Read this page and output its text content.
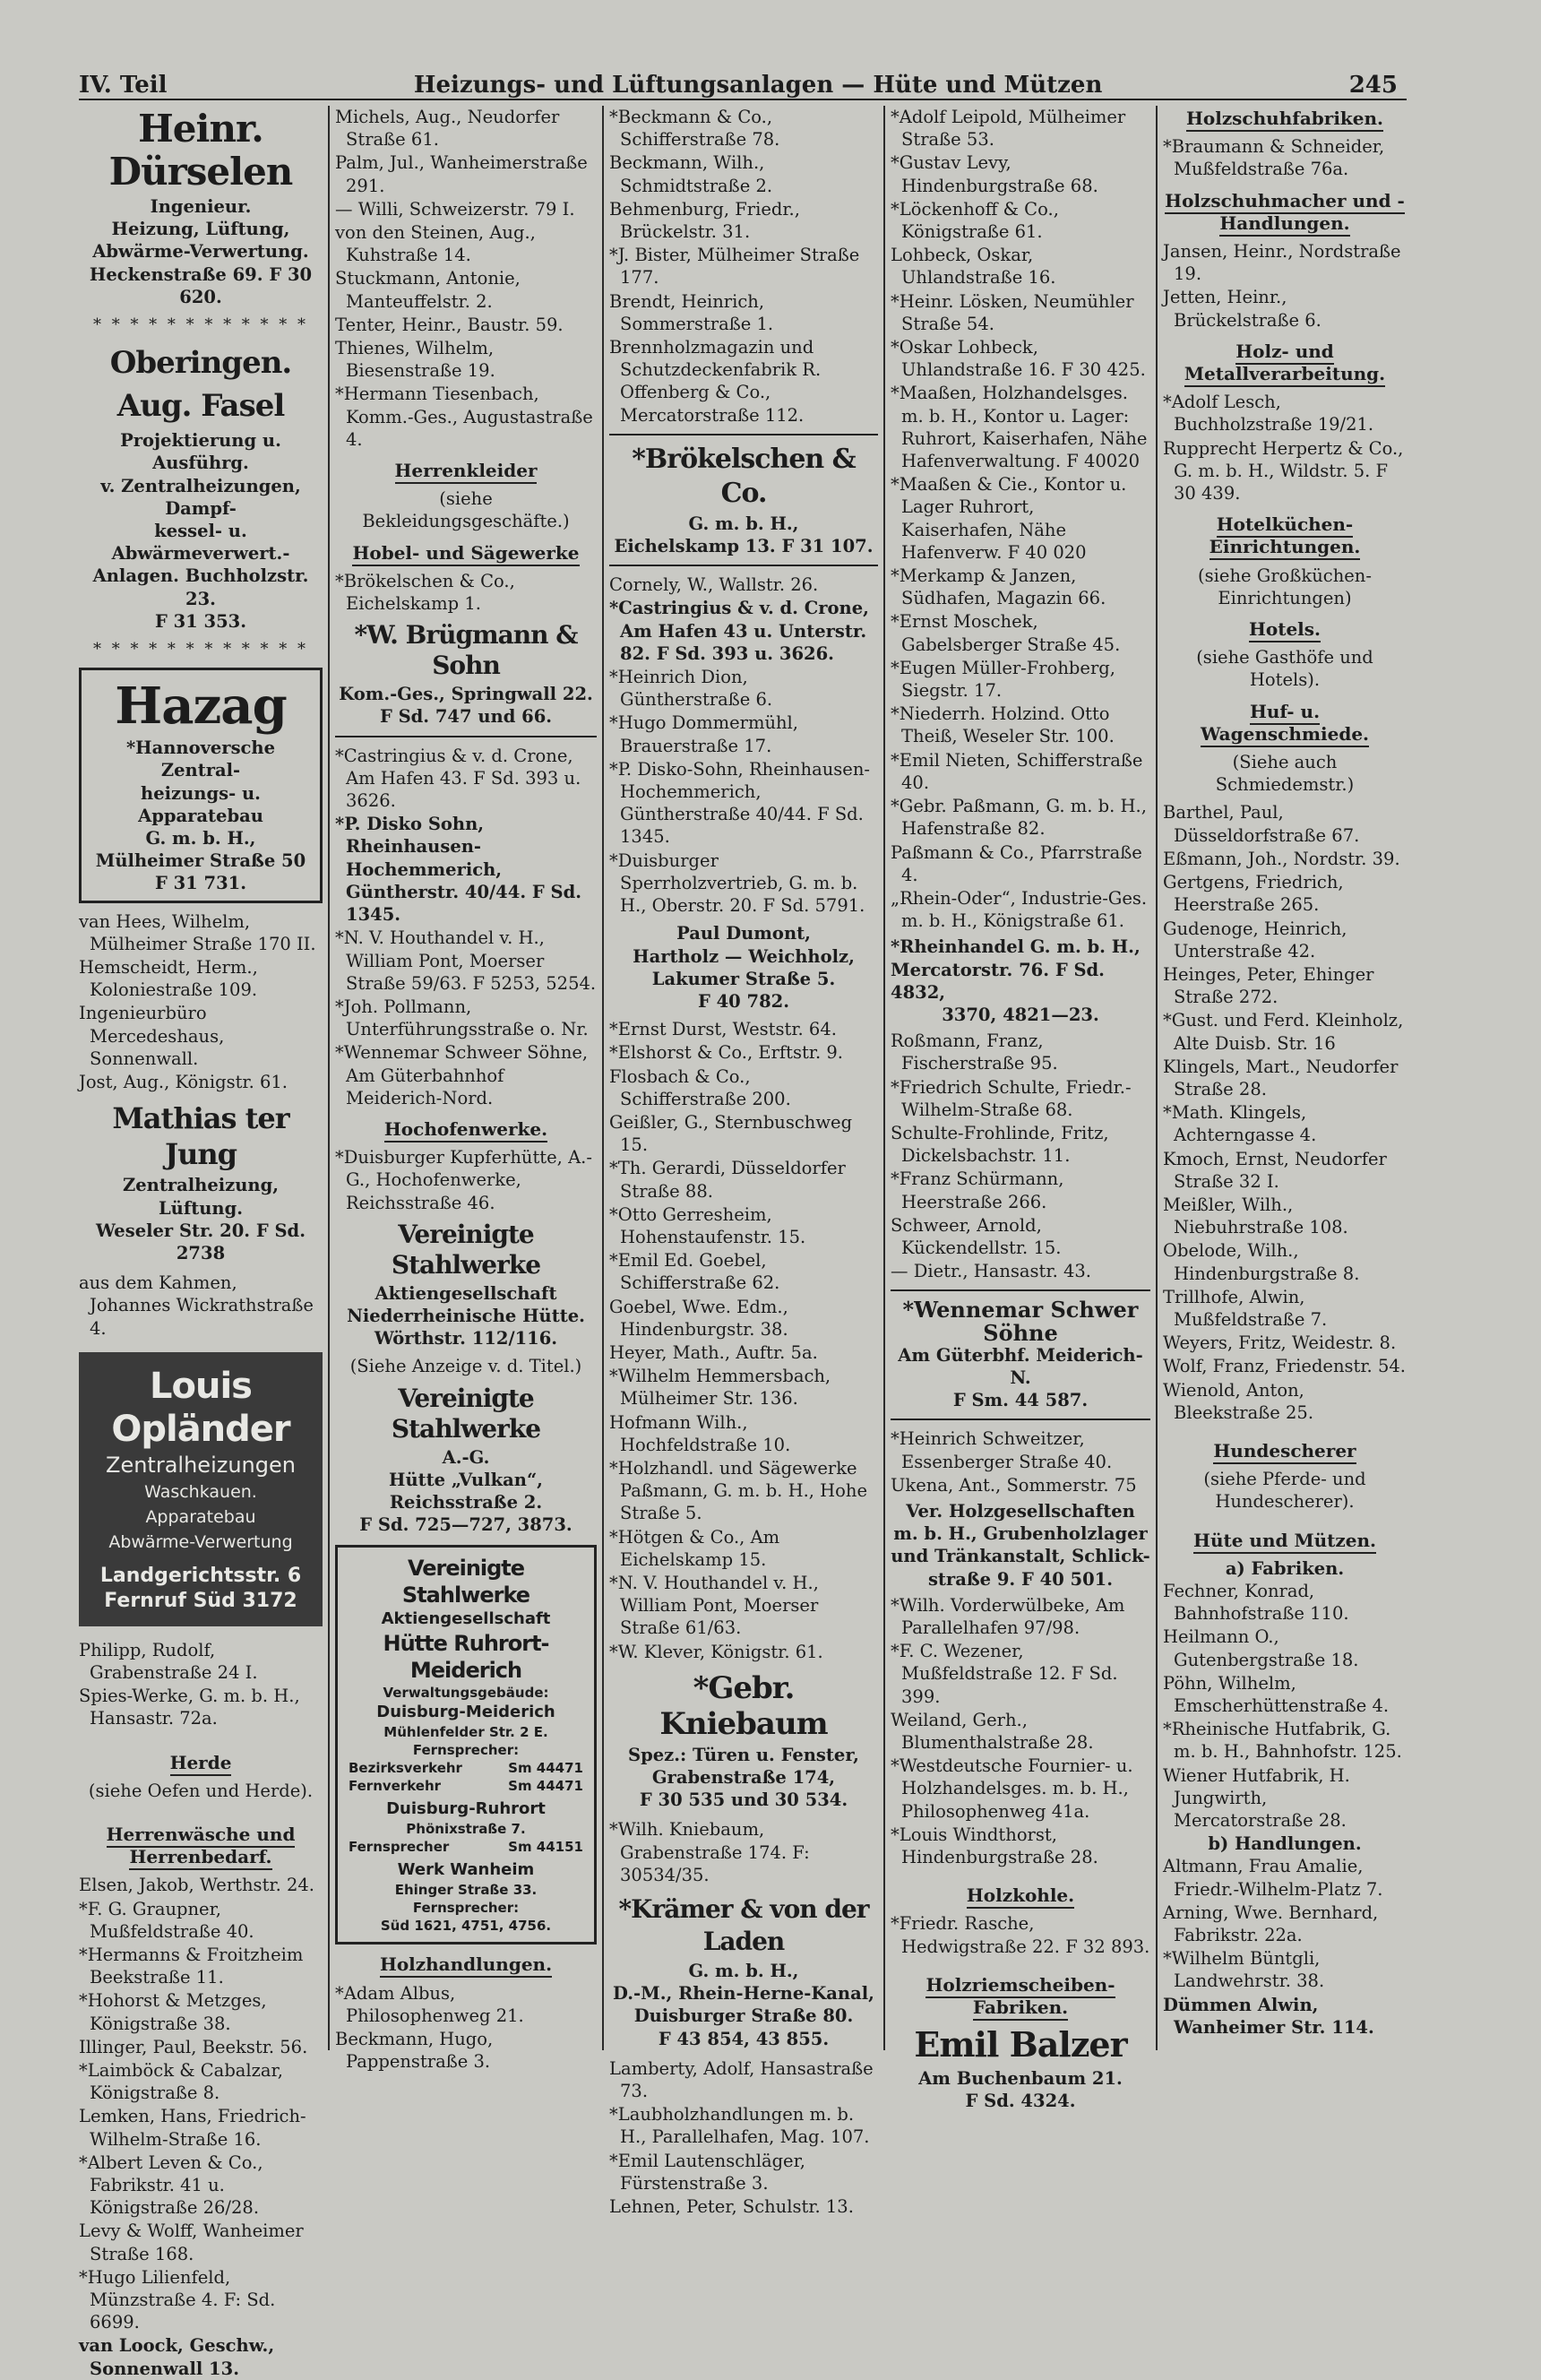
IV. Teil	Heizungs- und Lüftungsanlagen — Hüte und Mützen	245
Heinr. Dürselen
Ingenieur.
Heizung, Lüftung,
Abwärme-Verwertung.
Heckenstraße 69. F 30 620.
* * * * * * * * * * * *
Oberingen. Aug. Fasel
Projektierung u. Ausführg.
v. Zentralheizungen, Dampf-
kessel- u. Abwärmeverwert.-
Anlagen. Buchholzstr. 23.
F 31 353.
* * * * * * * * * * * *
Hazag
*Hannoversche Zentral-
heizungs- u. Apparatebau
G. m. b. H.,
Mülheimer Straße 50
F 31 731.
van Hees, Wilhelm, Mülheimer Straße 170 II.
Hemscheidt, Herm., Koloniestraße 109.
Ingenieurbüro Mercedeshaus, Sonnenwall.
Jost, Aug., Königstr. 61.
Mathias ter Jung
Zentralheizung, Lüftung.
Weseler Str. 20. F Sd. 2738
aus dem Kahmen, Johannes Wickrathstraße 4.
Louis Opländer
Zentralheizungen
Waschkauen. Apparatebau
Abwärme-Verwertung
Landgerichtsstr. 6
Fernruf Süd 3172
Philipp, Rudolf, Grabenstraße 24 I.
Spies-Werke, G. m. b. H., Hansastr. 72a.
Herde
(siehe Oefen und Herde).
Herrenwäsche und Herrenbedarf.
Elsen, Jakob, Werthstr. 24.
*F. G. Graupner, Mußfeldstraße 40.
*Hermanns & Froitzheim Beekstraße 11.
*Hohorst & Metzges, Königstraße 38.
Illinger, Paul, Beekstr. 56.
*Laimböck & Cabalzar, Königstraße 8.
Lemken, Hans, Friedrich-Wilhelm-Straße 16.
*Albert Leven & Co., Fabrikstr. 41 u. Königstraße 26/28.
Levy & Wolff, Wanheimer Straße 168.
*Hugo Lilienfeld, Münzstraße 4. F: Sd. 6699.
van Loock, Geschw., Sonnenwall 13.
Michels, Aug., Neudorfer Straße 61.
Palm, Jul., Wanheimerstraße 291.
— Willi, Schweizerstr. 79 I.
von den Steinen, Aug., Kuhstraße 14.
Stuckmann, Antonie, Manteuffelstr. 2.
Tenter, Heinr., Baustr. 59.
Thienes, Wilhelm, Biesenstraße 19.
*Hermann Tiesenbach, Komm.-Ges., Augustastraße 4.
Herrenkleider
(siehe Bekleidungsgeschäfte.)
Hobel- und Sägewerke
*Brökelschen & Co., Eichelskamp 1.
*W. Brügmann & Sohn
Kom.-Ges., Springwall 22.
F Sd. 747 und 66.
*Castringius & v. d. Crone, Am Hafen 43. F Sd. 393 u. 3626.
*P. Disko Sohn, Rheinhausen-Hochemmerich, Güntherstr. 40/44. F Sd. 1345.
*N. V. Houthandel v. H., William Pont, Moerser Straße 59/63. F 5253, 5254.
*Joh. Pollmann, Unterführungsstraße o. Nr.
*Wennemar Schweer Söhne, Am Güterbahnhof Meiderich-Nord.
Hochofenwerke.
*Duisburger Kupferhütte, A.-G., Hochofenwerke, Reichsstraße 46.
Vereinigte Stahlwerke
Aktiengesellschaft
Niederrheinische Hütte.
Wörthstr. 112/116.
(Siehe Anzeige v. d. Titel.)
Vereinigte Stahlwerke
A.-G.
Hütte „Vulkan“,
Reichsstraße 2.
F Sd. 725—727, 3873.
Vereinigte Stahlwerke
Aktiengesellschaft
Hütte Ruhrort-Meiderich
Verwaltungsgebäude:
Duisburg-Meiderich
Mühlenfelder Str. 2 E.
Fernsprecher:
Bezirksverkehr	Sm 44471
Fernverkehr	Sm 44471
Duisburg-Ruhrort
Phönixstraße 7.
Fernsprecher	Sm 44151
Werk Wanheim
Ehinger Straße 33.
Fernsprecher:
Süd 1621, 4751, 4756.
Holzhandlungen.
*Adam Albus, Philosophenweg 21.
Beckmann, Hugo, Pappenstraße 3.
*Beckmann & Co., Schifferstraße 78.
Beckmann, Wilh., Schmidtstraße 2.
Behmenburg, Friedr., Brückelstr. 31.
*J. Bister, Mülheimer Straße 177.
Brendt, Heinrich, Sommerstraße 1.
Brennholzmagazin und Schutzdeckenfabrik R. Offenberg & Co., Mercatorstraße 112.
*Brökelschen & Co.
G. m. b. H.,
Eichelskamp 13. F 31 107.
Cornely, W., Wallstr. 26.
*Castringius & v. d. Crone, Am Hafen 43 u. Unterstr. 82. F Sd. 393 u. 3626.
*Heinrich Dion, Güntherstraße 6.
*Hugo Dommermühl, Brauerstraße 17.
*P. Disko-Sohn, Rheinhausen-Hochemmerich, Güntherstraße 40/44. F Sd. 1345.
*Duisburger Sperrholzvertrieb, G. m. b. H., Oberstr. 20. F Sd. 5791.
Paul Dumont,
Hartholz — Weichholz,
Lakumer Straße 5.
F 40 782.
*Ernst Durst, Weststr. 64.
*Elshorst & Co., Erftstr. 9.
Flosbach & Co., Schifferstraße 200.
Geißler, G., Sternbuschweg 15.
*Th. Gerardi, Düsseldorfer Straße 88.
*Otto Gerresheim, Hohenstaufenstr. 15.
*Emil Ed. Goebel, Schifferstraße 62.
Goebel, Wwe. Edm., Hindenburgstr. 38.
Heyer, Math., Auftr. 5a.
*Wilhelm Hemmersbach, Mülheimer Str. 136.
Hofmann Wilh., Hochfeldstraße 10.
*Holzhandl. und Sägewerke Paßmann, G. m. b. H., Hohe Straße 5.
*Hötgen & Co., Am Eichelskamp 15.
*N. V. Houthandel v. H., William Pont, Moerser Straße 61/63.
*W. Klever, Königstr. 61.
*Gebr. Kniebaum
Spez.: Türen u. Fenster,
Grabenstraße 174,
F 30 535 und 30 534.
*Wilh. Kniebaum, Grabenstraße 174. F: 30534/35.
*Krämer & von der Laden
G. m. b. H.,
D.-M., Rhein-Herne-Kanal,
Duisburger Straße 80.
F 43 854, 43 855.
Lamberty, Adolf, Hansastraße 73.
*Laubholzhandlungen m. b. H., Parallelhafen, Mag. 107.
*Emil Lautenschläger, Fürstenstraße 3.
Lehnen, Peter, Schulstr. 13.
*Adolf Leipold, Mülheimer Straße 53.
*Gustav Levy, Hindenburgstraße 68.
*Löckenhoff & Co., Königstraße 61.
Lohbeck, Oskar, Uhlandstraße 16.
*Heinr. Lösken, Neumühler Straße 54.
*Oskar Lohbeck, Uhlandstraße 16. F 30 425.
*Maaßen, Holzhandelsges. m. b. H., Kontor u. Lager: Ruhrort, Kaiserhafen, Nähe Hafenverwaltung. F 40020
*Maaßen & Cie., Kontor u. Lager Ruhrort, Kaiserhafen, Nähe Hafenverw. F 40 020
*Merkamp & Janzen, Südhafen, Magazin 66.
*Ernst Moschek, Gabelsberger Straße 45.
*Eugen Müller-Frohberg, Siegstr. 17.
*Niederrh. Holzind. Otto Theiß, Weseler Str. 100.
*Emil Nieten, Schifferstraße 40.
*Gebr. Paßmann, G. m. b. H., Hafenstraße 82.
Paßmann & Co., Pfarrstraße 4.
„Rhein-Oder“, Industrie-Ges. m. b. H., Königstraße 61.
*Rheinhandel G. m. b. H.,
Mercatorstr. 76. F Sd. 4832,
3370, 4821—23.
Roßmann, Franz, Fischerstraße 95.
*Friedrich Schulte, Friedr.-Wilhelm-Straße 68.
Schulte-Frohlinde, Fritz, Dickelsbachstr. 11.
*Franz Schürmann, Heerstraße 266.
Schweer, Arnold, Kückendellstr. 15.
— Dietr., Hansastr. 43.
*Wennemar Schwer Söhne
Am Güterbhf. Meiderich-N.
F Sm. 44 587.
*Heinrich Schweitzer, Essenberger Straße 40.
Ukena, Ant., Sommerstr. 75
Ver. Holzgesellschaften
m. b. H., Grubenholzlager
und Tränkanstalt, Schlick-
straße 9. F 40 501.
*Wilh. Vorderwülbeke, Am Parallelhafen 97/98.
*F. C. Wezener, Mußfeldstraße 12. F Sd. 399.
Weiland, Gerh., Blumenthalstraße 28.
*Westdeutsche Fournier- u. Holzhandelsges. m. b. H., Philosophenweg 41a.
*Louis Windthorst, Hindenburgstraße 28.
Holzkohle.
*Friedr. Rasche, Hedwigstraße 22. F 32 893.
Holzriemscheiben-Fabriken.
Emil Balzer
Am Buchenbaum 21.
F Sd. 4324.
Holzschuhfabriken.
*Braumann & Schneider, Mußfeldstraße 76a.
Holzschuhmacher und -Handlungen.
Jansen, Heinr., Nordstraße 19.
Jetten, Heinr., Brückelstraße 6.
Holz- und Metallverarbeitung.
*Adolf Lesch, Buchholzstraße 19/21.
Rupprecht Herpertz & Co., G. m. b. H., Wildstr. 5. F 30 439.
Hotelküchen-Einrichtungen.
(siehe Großküchen-Einrichtungen)
Hotels.
(siehe Gasthöfe und Hotels).
Huf- u. Wagenschmiede.
(Siehe auch Schmiedemstr.)
Barthel, Paul, Düsseldorfstraße 67.
Eßmann, Joh., Nordstr. 39.
Gertgens, Friedrich, Heerstraße 265.
Gudenoge, Heinrich, Unterstraße 42.
Heinges, Peter, Ehinger Straße 272.
*Gust. und Ferd. Kleinholz, Alte Duisb. Str. 16
Klingels, Mart., Neudorfer Straße 28.
*Math. Klingels, Achterngasse 4.
Kmoch, Ernst, Neudorfer Straße 32 I.
Meißler, Wilh., Niebuhrstraße 108.
Obelode, Wilh., Hindenburgstraße 8.
Trillhofe, Alwin, Mußfeldstraße 7.
Weyers, Fritz, Weidestr. 8.
Wolf, Franz, Friedenstr. 54.
Wienold, Anton, Bleekstraße 25.
Hundescherer
(siehe Pferde- und Hundescherer).
Hüte und Mützen.
a) Fabriken.
Fechner, Konrad, Bahnhofstraße 110.
Heilmann O., Gutenbergstraße 18.
Pöhn, Wilhelm, Emscherhüttenstraße 4.
*Rheinische Hutfabrik, G. m. b. H., Bahnhofstr. 125.
Wiener Hutfabrik, H. Jungwirth, Mercatorstraße 28.
b) Handlungen.
Altmann, Frau Amalie, Friedr.-Wilhelm-Platz 7.
Arning, Wwe. Bernhard, Fabrikstr. 22a.
*Wilhelm Büntgli, Landwehrstr. 38.
Dümmen Alwin, Wanheimer Str. 114.
